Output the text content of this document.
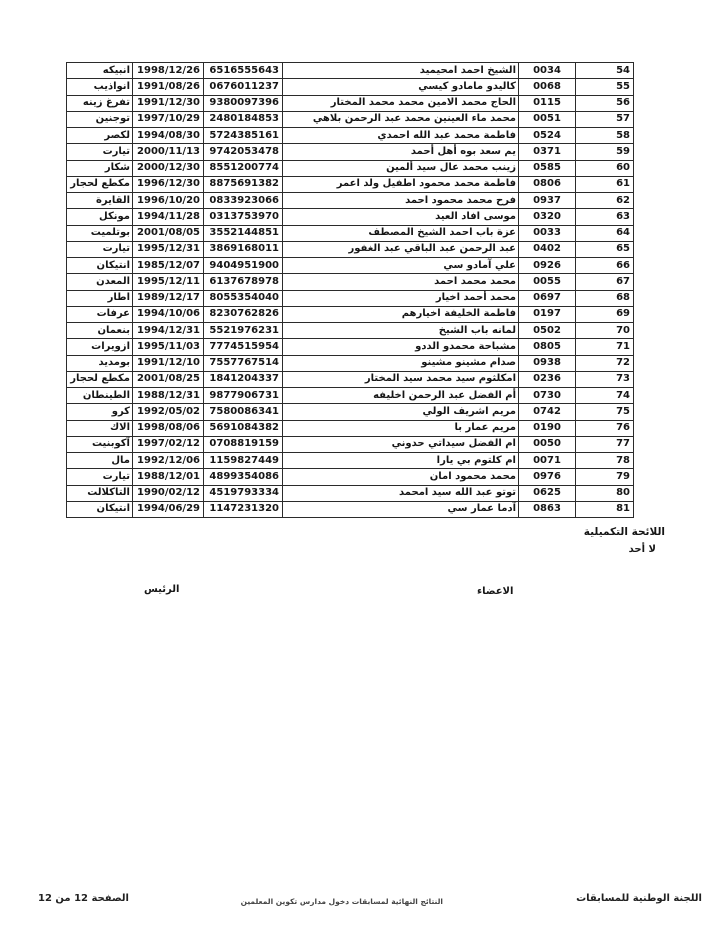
54	0034	الشيخ احمد امحيميد	6516555643	1998/12/26	انبيكه
55	0068	كاليدو مامادو كيسي	0676011237	1991/08/26	انواذيب
56	0115	الحاج محمد الامين محمد محمد المختار	9380097396	1991/12/30	تفرغ زينه
57	0051	محمد ماء العينين محمد عبد الرحمن بلاهي	2480184853	1997/10/29	توجنين
58	0524	فاطمة محمد عبد الله احمدي	5724385161	1994/08/30	لكصر
59	0371	يم سعد بوه أهل أحمد	9742053478	2000/11/13	تيارت
60	0585	زينب محمد عال سيد ألمين	8551200774	2000/12/30	شكار
61	0806	فاطمة محمد محمود اطفيل ولد اعمر	8875691382	1996/12/30	مكطع لحجار
62	0937	فرح محمد محمود احمد	0833923066	1996/10/20	القايرة
63	0320	موسى افاد العيد	0313753970	1994/11/28	مونكل
64	0033	عزة باب احمد الشيخ المصطف	3552144851	2001/08/05	بوتلميت
65	0402	عبد الرحمن عبد الباقي عبد الغفور	3869168011	1995/12/31	تيارت
66	0926	علي آمادو سي	9404951900	1985/12/07	انتيكان
67	0055	محمد محمد احمد	6137678978	1995/12/11	المعدن
68	0697	محمد أحمد اخيار	8055354040	1989/12/17	اطار
69	0197	فاطمة الخليفة اخيارهم	8230762826	1994/10/06	عرفات
70	0502	لمانه باب الشيخ	5521976231	1994/12/31	بنعمان
71	0805	مشباحة محمدو الددو	7774515954	1995/11/03	ازويرات
72	0938	صدام مشينو مشينو	7557767514	1991/12/10	بومديد
73	0236	امكلثوم سيد محمد سيد المختار	1841204337	2001/08/25	مكطع لحجار
74	0730	أم الفضل عبد الرحمن اخليفه	9877906731	1988/12/31	الطينطان
75	0742	مريم اشريف الولي	7580086341	1992/05/02	كرو
76	0190	مريم عمار با	5691084382	1998/08/06	الاك
77	0050	ام الفضل سيداتي حدوني	0708819159	1997/02/12	آكوبنيت
78	0071	ام كلتوم بي يارا	1159827449	1992/12/06	مال
79	0976	محمد محمود امان	4899354086	1988/12/01	تيارت
80	0625	توتو عبد الله سيد امحمد	4519793334	1990/02/12	التاكلالت
81	0863	آدما عمار سي	1147231320	1994/06/29	انتيكان
اللائحة التكميلية
لا أحد
الاعضاء
الرئيس
اللجنة الوطنية للمسابقات
النتائج النهائية لمسابقات دخول مدارس تكوين المعلمين
الصفحة 12 من 12
